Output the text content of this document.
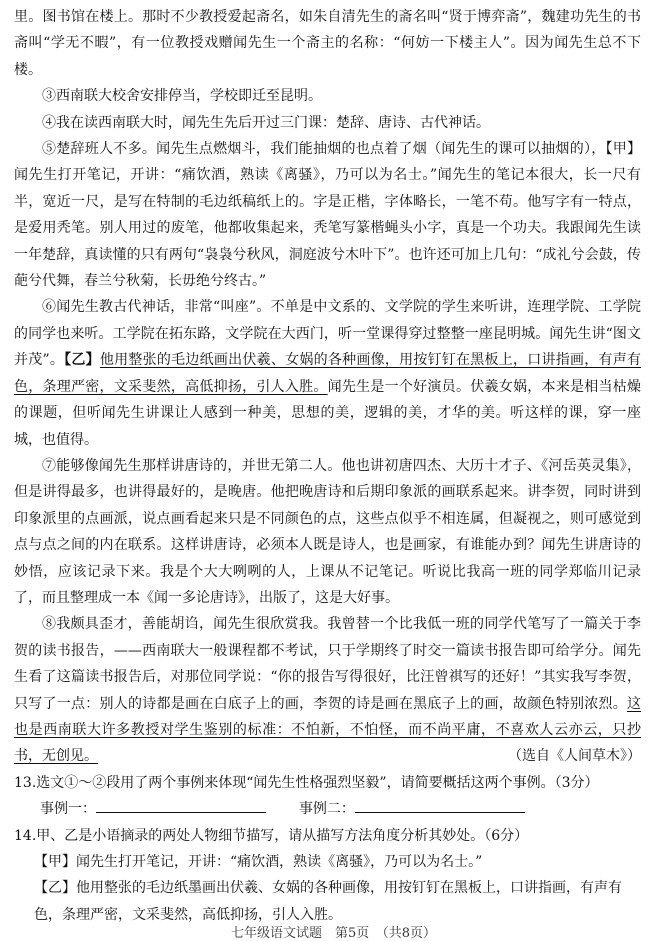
里。图书馆在楼上。那时不少教授爱起斋名，如朱自清先生的斋名叫“贤于博弈斋”，魏建功先生的书斋叫“学无不暇”，有一位教授戏赠闻先生一个斋主的名称：“何妨一下楼主人”。因为闻先生总不下楼。

③西南联大校舍安排停当，学校即迁至昆明。

④我在读西南联大时，闻先生先后开过三门课：楚辞、唐诗、古代神话。

⑤楚辞班人不多。闻先生点燃烟斗，我们能抽烟的也点着了烟（闻先生的课可以抽烟的），【甲】闻先生打开笔记，开讲：“痛饮酒，熟读《离骚》，乃可以为名士。”闻先生的笔记本很大，长一尺有半，宽近一尺，是写在特制的毛边纸稿纸上的。字是正楷，字体略长，一笔不苟。他写字有一特点，是爱用秃笔。别人用过的废笔，他都收集起来，秃笔写篆楷蝇头小字，真是一个功夫。我跟闻先生读一年楚辞，真读懂的只有两句“袅袅兮秋风，洞庭波兮木叶下”。也许还可加上几句：“成礼兮会鼓，传葩兮代舞，春兰兮秋菊，长毋绝兮终古。”

⑥闻先生教古代神话，非常“叫座”。不单是中文系的、文学院的学生来听讲，连理学院、工学院的同学也来听。工学院在拓东路，文学院在大西门，听一堂课得穿过整整一座昆明城。闻先生讲“图文并茂”。【乙】他用整张的毛边纸画出伏羲、女娲的各种画像，用按钉钉在黑板上，口讲指画，有声有色，条理严密，文采斐然，高低抑扬，引人入胜。闻先生是一个好演员。伏羲女娲，本来是相当枯燥的课题，但听闻先生讲课让人感到一种美，思想的美，逻辑的美，才华的美。听这样的课，穿一座城，也值得。

⑦能够像闻先生那样讲唐诗的，并世无第二人。他也讲初唐四杰、大历十才子、《河岳英灵集》，但是讲得最多，也讲得最好的，是晚唐。他把晚唐诗和后期印象派的画联系起来。讲李贺，同时讲到印象派里的点画派，说点画看起来只是不同颜色的点，这些点似乎不相连属，但凝视之，则可感觉到点与点之间的内在联系。这样讲唐诗，必须本人既是诗人，也是画家，有谁能办到？闻先生讲唐诗的妙悟，应该记录下来。我是个大大咧咧的人，上课从不记笔记。听说比我高一班的同学郑临川记录了，而且整理成一本《闻一多论唐诗》，出版了，这是大好事。

⑧我颇具歪才，善能胡诌，闻先生很欣赏我。我曾替一个比我低一班的同学代笔写了一篇关于李贺的读书报告，——西南联大一般课程都不考试，只于学期终了时交一篇读书报告即可给学分。闻先生看了这篇读书报告后，对那位同学说：“你的报告写得很好，比汪曾祺写的还好！”其实我写李贺，只写了一点：别人的诗都是画在白底子上的画，李贺的诗是画在黑底子上的画，故颜色特别浓烈。这也是西南联大许多教授对学生鉴别的标准：不怕新，不怕怪，而不尚平庸，不喜欢人云亦云，只抄书，无创见。	（选自《人间草木》）

13.选文①～②段用了两个事例来体现“闻先生性格强烈坚毅”，请简要概括这两个事例。（3分）

事例一：	事例二：

14.甲、乙是小语摘录的两处人物细节描写，请从描写方法角度分析其妙处。（6分）

【甲】闻先生打开笔记，开讲：“痛饮酒，熟读《离骚》，乃可以为名士。”

【乙】他用整张的毛边纸墨画出伏羲、女娲的各种画像，用按钉钉在黑板上，口讲指画，有声有色，条理严密，文采斐然，高低抑扬，引人入胜。

七年级语文试题　第5页　（共8页）
